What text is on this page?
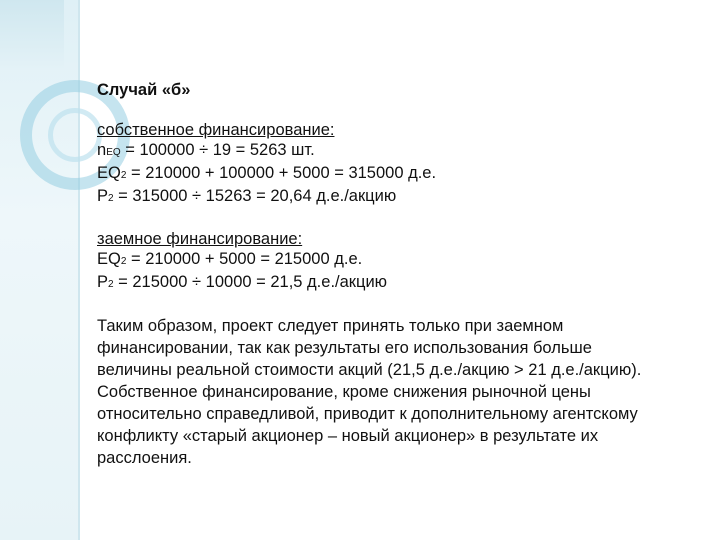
Случай «б»
собственное финансирование:
nEQ = 100000 ÷ 19 = 5263 шт.
EQ2 = 210000 + 100000 + 5000 = 315000 д.е.
P2 = 315000 ÷ 15263 = 20,64 д.е./акцию
заемное финансирование:
EQ2 = 210000 + 5000 = 215000 д.е.
P2 = 215000 ÷ 10000 = 21,5 д.е./акцию
Таким образом, проект следует принять только при заемном
финансировании, так как результаты его использования больше
величины реальной стоимости акций (21,5 д.е./акцию > 21 д.е./акцию).
Собственное финансирование, кроме снижения рыночной цены
относительно справедливой, приводит к дополнительному агентскому
конфликту «старый акционер – новый акционер» в результате их
расслоения.
